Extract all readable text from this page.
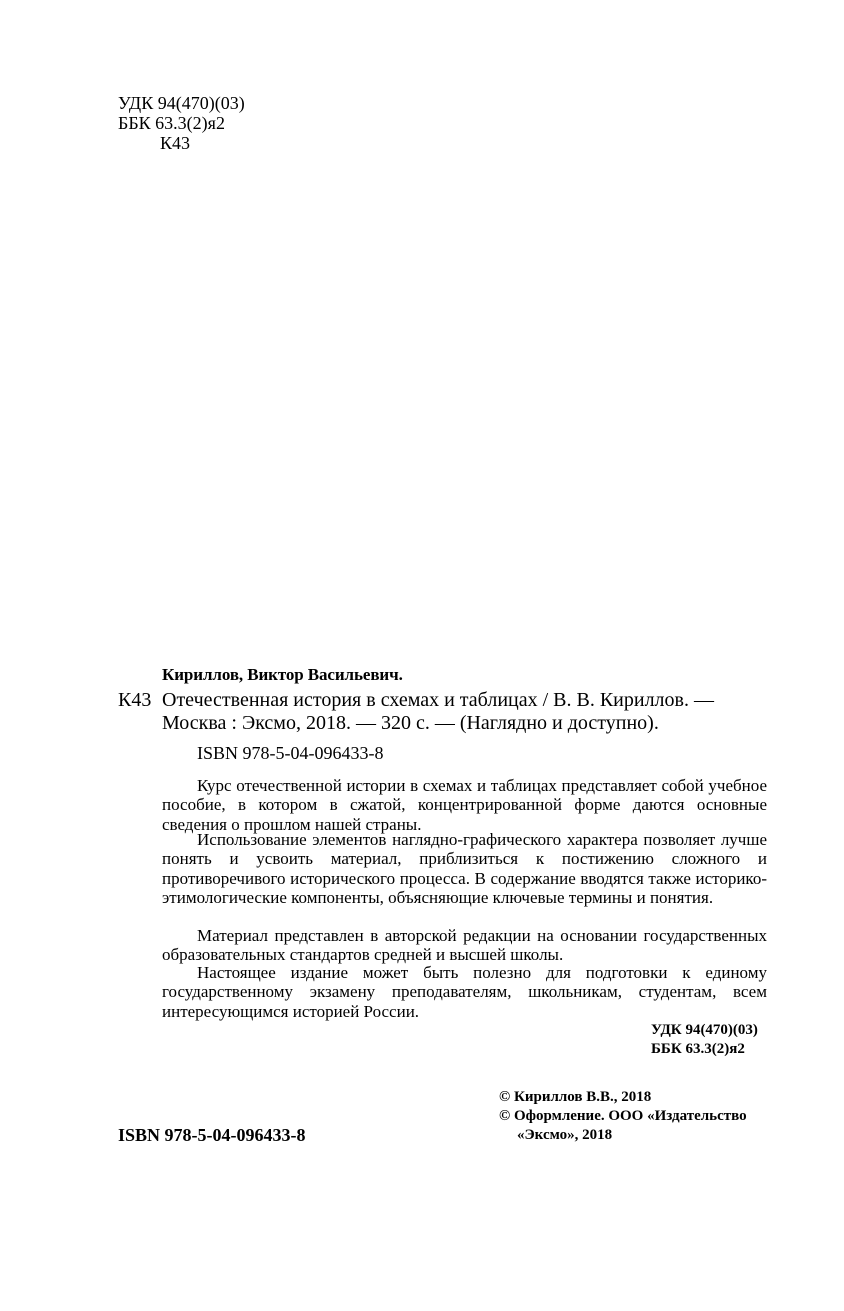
УДК 94(470)(03)
ББК 63.3(2)я2
К43
Кириллов, Виктор Васильевич.
К43 Отечественная история в схемах и таблицах / В. В. Кириллов. —
Москва : Эксмо, 2018. — 320 с. — (Наглядно и доступно).
ISBN 978-5-04-096433-8

Курс отечественной истории в схемах и таблицах представляет собой учебное пособие, в котором в сжатой, концентрированной форме даются основные сведения о прошлом нашей страны.

Использование элементов наглядно-графического характера позволяет лучше понять и усвоить материал, приблизиться к постижению сложного и противоречивого исторического процесса. В содержание вводятся также историко-этимологические компоненты, объясняющие ключевые термины и понятия.

Материал представлен в авторской редакции на основании государственных образовательных стандартов средней и высшей школы.

Настоящее издание может быть полезно для подготовки к единому государственному экзамену преподавателям, школьникам, студентам, всем интересующимся историей России.

УДК 94(470)(03)
ББК 63.3(2)я2
© Кириллов В.В., 2018
© Оформление. ООО «Издательство
«Эксмо», 2018
ISBN 978-5-04-096433-8
